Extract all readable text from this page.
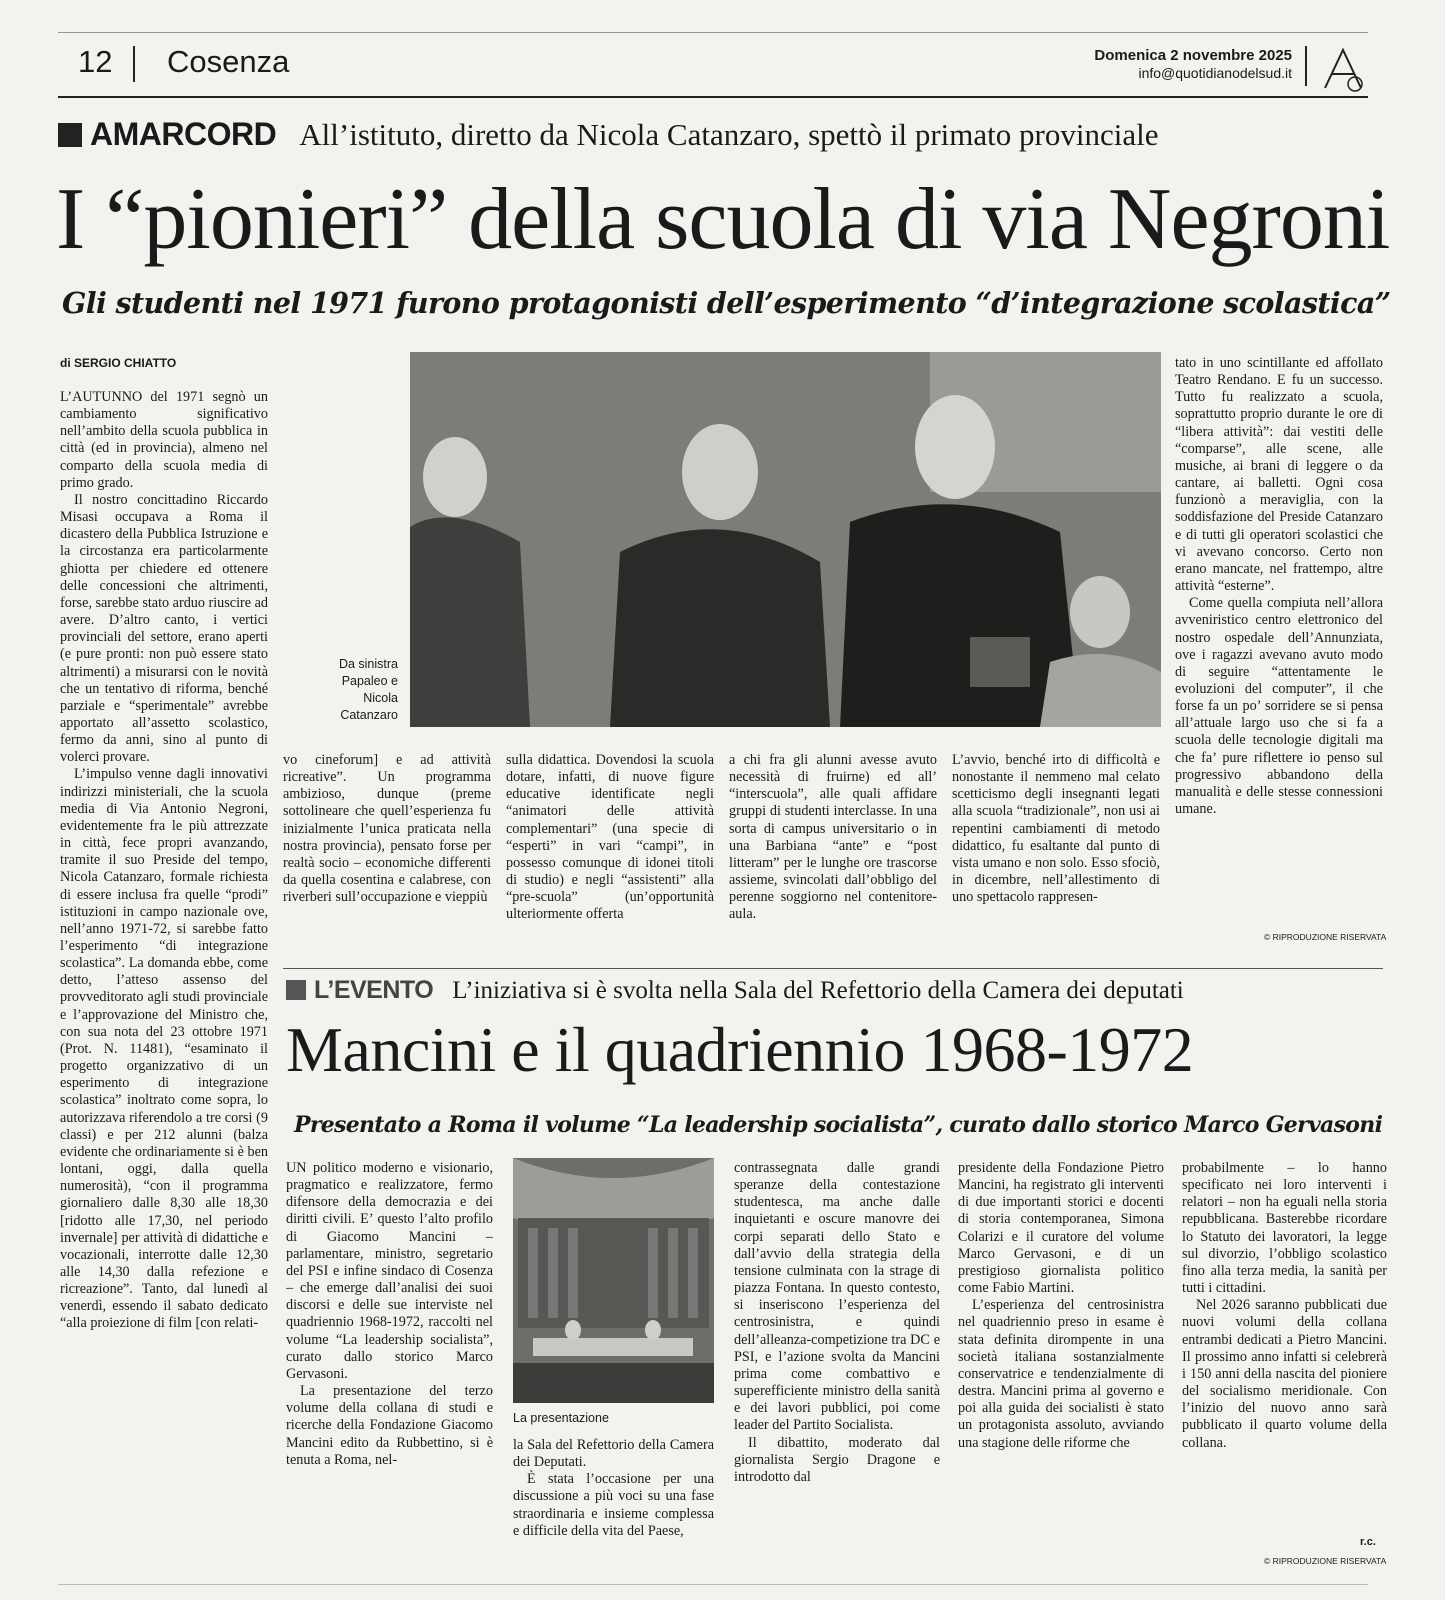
12 Cosenza	Domenica 2 novembre 2025
info@quotidianodelsud.it
AMARCORD All’istituto, diretto da Nicola Catanzaro, spettò il primato provinciale
I “pionieri” della scuola di via Negroni
Gli studenti nel 1971 furono protagonisti dell’esperimento “d’integrazione scolastica”
di SERGIO CHIATTO
Da sinistra
Papaleo e
Nicola
Catanzaro

L’AUTUNNO del 1971 segnò un cambiamento significativo nell’ambito della scuola pubblica in città (ed in provincia), almeno nel comparto della scuola media di primo grado.

Il nostro concittadino Riccardo Misasi occupava a Roma il dicastero della Pubblica Istruzione e la circostanza era particolarmente ghiotta per chiedere ed ottenere delle concessioni che altrimenti, forse, sarebbe stato arduo riuscire ad avere. D’altro canto, i vertici provinciali del settore, erano aperti (e pure pronti: non può essere stato altrimenti) a misurarsi con le novità che un tentativo di riforma, benché parziale e “sperimentale” avrebbe apportato all’assetto scolastico, fermo da anni, sino al punto di volerci provare.

L’impulso venne dagli innovativi indirizzi ministeriali, che la scuola media di Via Antonio Negroni, evidentemente fra le più attrezzate in città, fece propri avanzando, tramite il suo Preside del tempo, Nicola Catanzaro, formale richiesta di essere inclusa fra quelle “prodi” istituzioni in campo nazionale ove, nell’anno 1971-72, si sarebbe fatto l’esperimento “di integrazione scolastica”. La domanda ebbe, come detto, l’atteso assenso del provveditorato agli studi provinciale e l’approvazione del Ministro che, con sua nota del 23 ottobre 1971 (Prot. N. 11481), “esaminato il progetto organizzativo di un esperimento di integrazione scolastica” inoltrato come sopra, lo autorizzava riferendolo a tre corsi (9 classi) e per 212 alunni (balza evidente che ordinariamente si è ben lontani, oggi, dalla quella numerosità), “con il programma giornaliero dalle 8,30 alle 18,30 [ridotto alle 17,30, nel periodo invernale] per attività di didattiche e vocazionali, interrotte dalle 12,30 alle 14,30 dalla refezione e ricreazione”. Tanto, dal lunedì al venerdì, essendo il sabato dedicato “alla proiezione di film [con relati-

vo cineforum] e ad attività ricreative”. Un programma ambizioso, dunque (preme sottolineare che quell’esperienza fu inizialmente l’unica praticata nella nostra provincia), pensato forse per realtà socio – economiche differenti da quella cosentina e calabrese, con riverberi sull’occupazione e vieppiù

sulla didattica. Dovendosi la scuola dotare, infatti, di nuove figure educative identificate negli “animatori delle attività complementari” (una specie di “esperti” in vari “campi”, in possesso comunque di idonei titoli di studio) e negli “assistenti” alla “pre-scuola” (un’opportunità ulteriormente offerta

a chi fra gli alunni avesse avuto necessità di fruirne) ed all’ “interscuola”, alle quali affidare gruppi di studenti interclasse. In una sorta di campus universitario o in una Barbiana “ante” e “post litteram” per le lunghe ore trascorse assieme, svincolati dall’obbligo del perenne soggiorno nel contenitore-aula.

L’avvio, benché irto di difficoltà e nonostante il nemmeno mal celato scetticismo degli insegnanti legati alla scuola “tradizionale”, non usi ai repentini cambiamenti di metodo didattico, fu esaltante dal punto di vista umano e non solo. Esso sfociò, in dicembre, nell’allestimento di uno spettacolo rappresen-

tato in uno scintillante ed affollato Teatro Rendano. E fu un successo. Tutto fu realizzato a scuola, soprattutto proprio durante le ore di “libera attività”: dai vestiti delle “comparse”, alle scene, alle musiche, ai brani di leggere o da cantare, ai balletti. Ogni cosa funzionò a meraviglia, con la soddisfazione del Preside Catanzaro e di tutti gli operatori scolastici che vi avevano concorso. Certo non erano mancate, nel frattempo, altre attività “esterne”.

Come quella compiuta nell’allora avveniristico centro elettronico del nostro ospedale dell’Annunziata, ove i ragazzi avevano avuto modo di seguire “attentamente le evoluzioni del computer”, il che forse fa un po’ sorridere se si pensa all’attuale largo uso che si fa a scuola delle tecnologie digitali ma che fa’ pure riflettere io penso sul progressivo abbandono della manualità e delle stesse connessioni umane.

© RIPRODUZIONE RISERVATA
L’EVENTO L’iniziativa si è svolta nella Sala del Refettorio della Camera dei deputati
Mancini e il quadriennio 1968-1972
Presentato a Roma il volume “La leadership socialista”, curato dallo storico Marco Gervasoni
La presentazione

UN politico moderno e visionario, pragmatico e realizzatore, fermo difensore della democrazia e dei diritti civili. E’ questo l’alto profilo di Giacomo Mancini – parlamentare, ministro, segretario del PSI e infine sindaco di Cosenza – che emerge dall’analisi dei suoi discorsi e delle sue interviste nel quadriennio 1968-1972, raccolti nel volume “La leadership socialista”, curato dallo storico Marco Gervasoni.

La presentazione del terzo volume della collana di studi e ricerche della Fondazione Giacomo Mancini edito da Rubbettino, si è tenuta a Roma, nel-

la Sala del Refettorio della Camera dei Deputati.

È stata l’occasione per una discussione a più voci su una fase straordinaria e insieme complessa e difficile della vita del Paese,

contrassegnata dalle grandi speranze della contestazione studentesca, ma anche dalle inquietanti e oscure manovre dei corpi separati dello Stato e dall’avvio della strategia della tensione culminata con la strage di piazza Fontana. In questo contesto, si inseriscono l’esperienza del centrosinistra, e quindi dell’alleanza-competizione tra DC e PSI, e l’azione svolta da Mancini prima come combattivo e superefficiente ministro della sanità e dei lavori pubblici, poi come leader del Partito Socialista.

Il dibattito, moderato dal giornalista Sergio Dragone e introdotto dal

presidente della Fondazione Pietro Mancini, ha registrato gli interventi di due importanti storici e docenti di storia contemporanea, Simona Colarizi e il curatore del volume Marco Gervasoni, e di un prestigioso giornalista politico come Fabio Martini.

L’esperienza del centrosinistra nel quadriennio preso in esame è stata definita dirompente in una società italiana sostanzialmente conservatrice e tendenzialmente di destra. Mancini prima al governo e poi alla guida dei socialisti è stato un protagonista assoluto, avviando una stagione delle riforme che

probabilmente – lo hanno specificato nei loro interventi i relatori – non ha eguali nella storia repubblicana. Basterebbe ricordare lo Statuto dei lavoratori, la legge sul divorzio, l’obbligo scolastico fino alla terza media, la sanità per tutti i cittadini.

Nel 2026 saranno pubblicati due nuovi volumi della collana entrambi dedicati a Pietro Mancini. Il prossimo anno infatti si celebrerà i 150 anni della nascita del pioniere del socialismo meridionale. Con l’inizio del nuovo anno sarà pubblicato il quarto volume della collana.

r.c.
© RIPRODUZIONE RISERVATA
